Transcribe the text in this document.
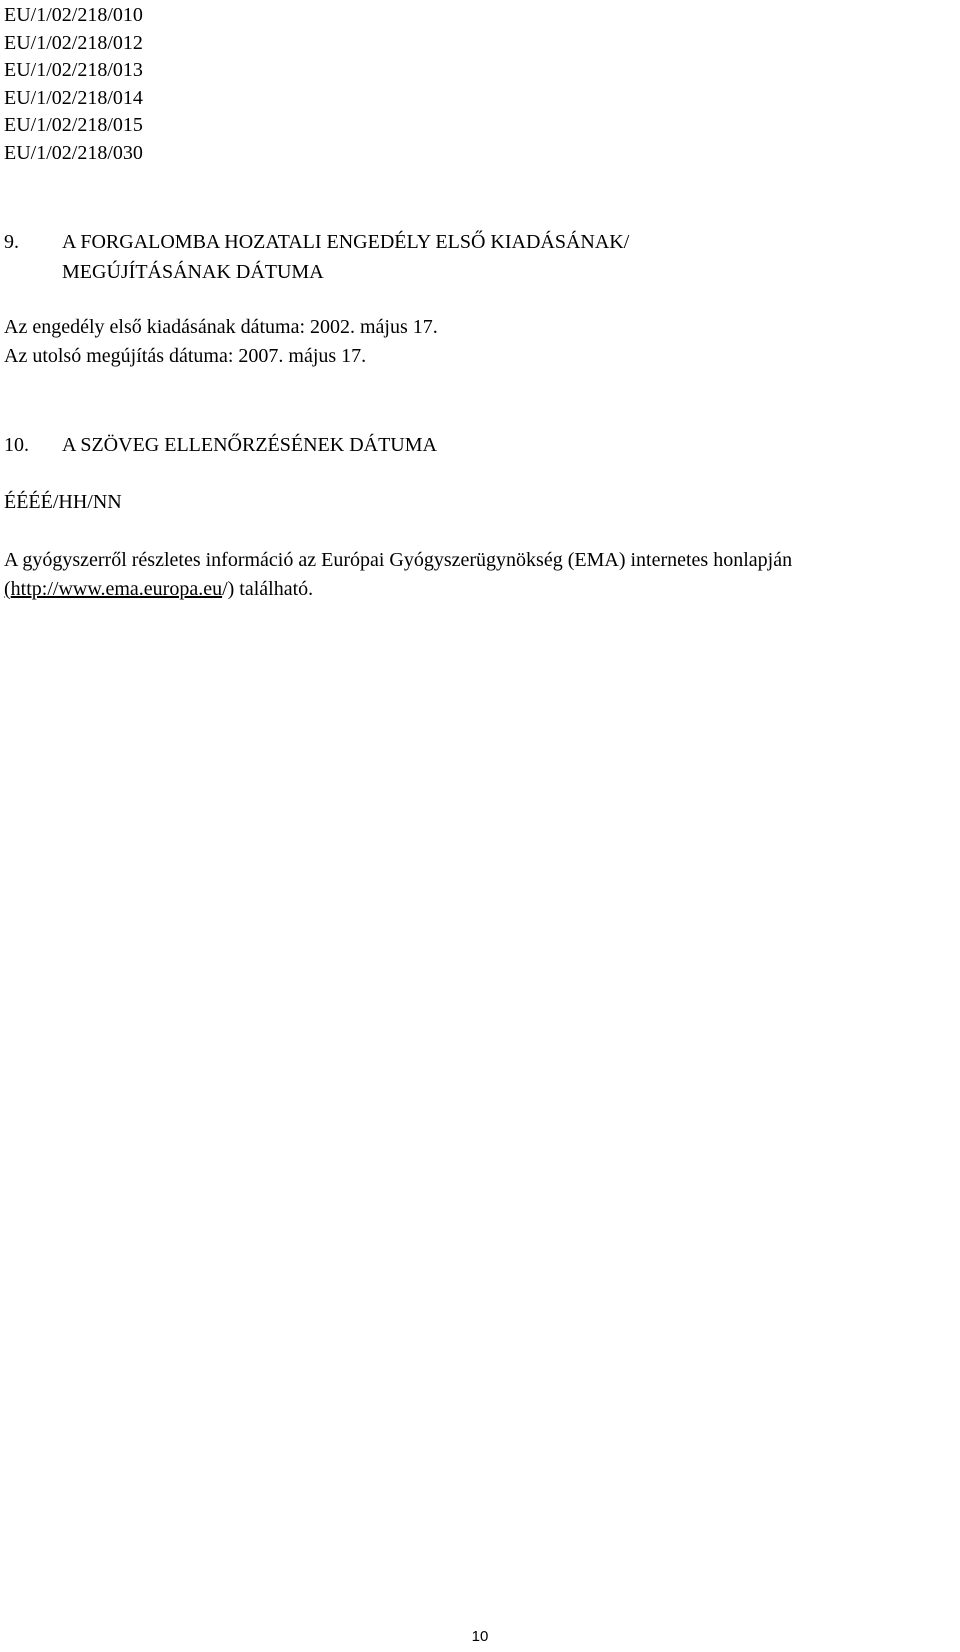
EU/1/02/218/010
EU/1/02/218/012
EU/1/02/218/013
EU/1/02/218/014
EU/1/02/218/015
EU/1/02/218/030
9.	A FORGALOMBA HOZATALI ENGEDÉLY ELSŐ KIADÁSÁNAK/
MEGÚJÍTÁSÁNAK DÁTUMA
Az engedély első kiadásának dátuma: 2002. május 17.
Az utolsó megújítás dátuma: 2007. május 17.
10.	A SZÖVEG ELLENŐRZÉSÉNEK DÁTUMA
ÉÉÉÉ/HH/NN
A gyógyszerről részletes információ az Európai Gyógyszerügynökség (EMA) internetes honlapján
(http://www.ema.europa.eu/) található.
10
